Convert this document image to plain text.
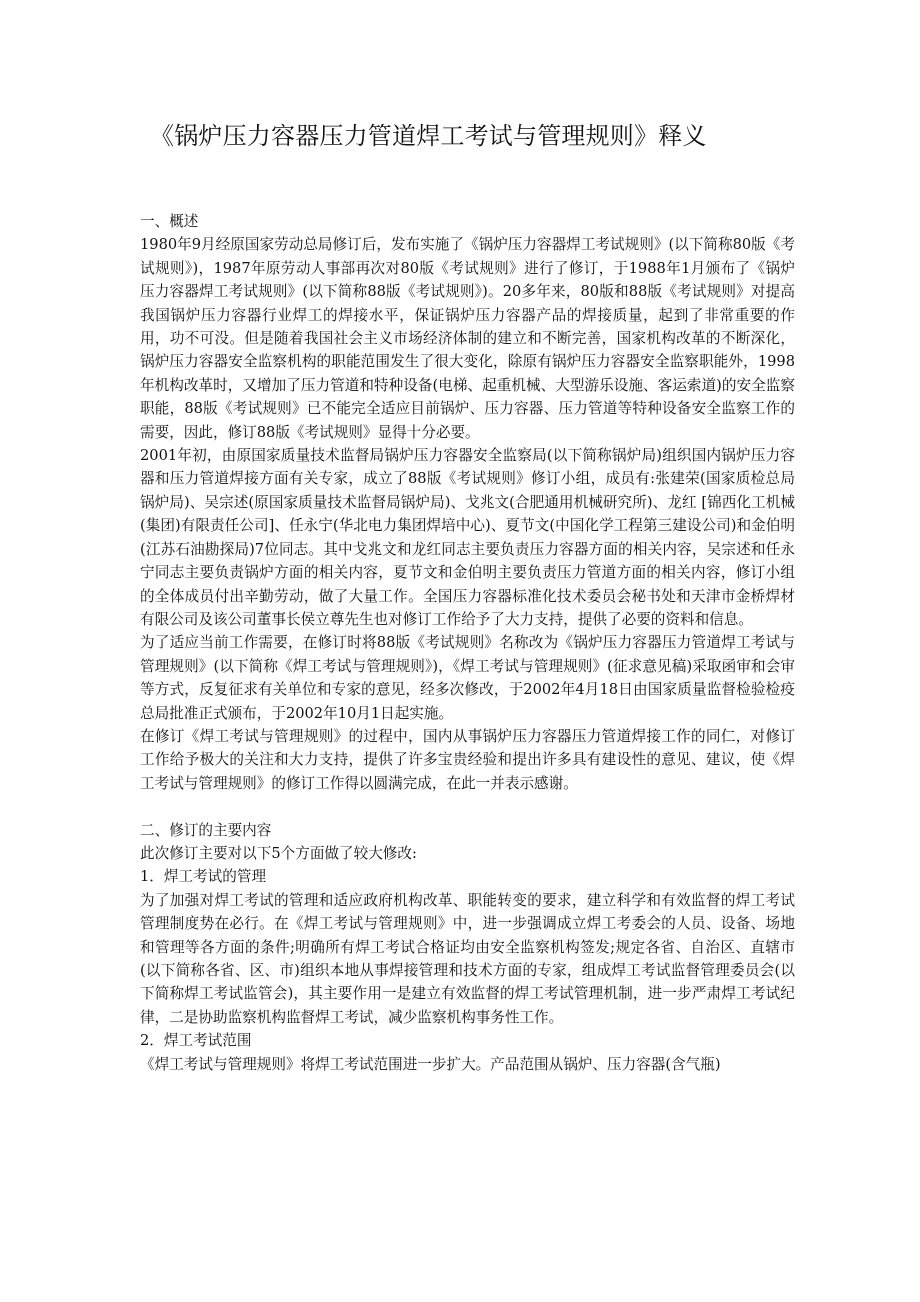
《锅炉压力容器压力管道焊工考试与管理规则》释义
一、概述

1980年9月经原国家劳动总局修订后，发布实施了《锅炉压力容器焊工考试规则》(以下简称80版《考试规则》)，1987年原劳动人事部再次对80版《考试规则》进行了修订，于1988年1月颁布了《锅炉压力容器焊工考试规则》(以下简称88版《考试规则》)。20多年来，80版和88版《考试规则》对提高我国锅炉压力容器行业焊工的焊接水平，保证锅炉压力容器产品的焊接质量，起到了非常重要的作用，功不可没。但是随着我国社会主义市场经济体制的建立和不断完善，国家机构改革的不断深化，锅炉压力容器安全监察机构的职能范围发生了很大变化，除原有锅炉压力容器安全监察职能外，1998年机构改革时，又增加了压力管道和特种设备(电梯、起重机械、大型游乐设施、客运索道)的安全监察职能，88版《考试规则》已不能完全适应目前锅炉、压力容器、压力管道等特种设备安全监察工作的需要，因此，修订88版《考试规则》显得十分必要。

2001年初，由原国家质量技术监督局锅炉压力容器安全监察局(以下简称锅炉局)组织国内锅炉压力容器和压力管道焊接方面有关专家，成立了88版《考试规则》修订小组，成员有:张建荣(国家质检总局锅炉局)、吴宗述(原国家质量技术监督局锅炉局)、戈兆文(合肥通用机械研究所)、龙红 [锦西化工机械(集团)有限责任公司]、任永宁(华北电力集团焊培中心)、夏节文(中国化学工程第三建设公司)和金伯明(江苏石油勘探局)7位同志。其中戈兆文和龙红同志主要负责压力容器方面的相关内容，吴宗述和任永宁同志主要负责锅炉方面的相关内容，夏节文和金伯明主要负责压力管道方面的相关内容，修订小组的全体成员付出辛勤劳动，做了大量工作。全国压力容器标准化技术委员会秘书处和天津市金桥焊材有限公司及该公司董事长侯立尊先生也对修订工作给予了大力支持，提供了必要的资料和信息。

为了适应当前工作需要，在修订时将88版《考试规则》名称改为《锅炉压力容器压力管道焊工考试与管理规则》(以下简称《焊工考试与管理规则》)，《焊工考试与管理规则》(征求意见稿)采取函审和会审等方式，反复征求有关单位和专家的意见，经多次修改，于2002年4月18日由国家质量监督检验检疫总局批准正式颁布，于2002年10月1日起实施。

在修订《焊工考试与管理规则》的过程中，国内从事锅炉压力容器压力管道焊接工作的同仁，对修订工作给予极大的关注和大力支持，提供了许多宝贵经验和提出许多具有建设性的意见、建议，使《焊工考试与管理规则》的修订工作得以圆满完成，在此一并表示感谢。

二、修订的主要内容

此次修订主要对以下5个方面做了较大修改:

1．焊工考试的管理

为了加强对焊工考试的管理和适应政府机构改革、职能转变的要求，建立科学和有效监督的焊工考试管理制度势在必行。在《焊工考试与管理规则》中，进一步强调成立焊工考委会的人员、设备、场地和管理等各方面的条件;明确所有焊工考试合格证均由安全监察机构签发;规定各省、自治区、直辖市(以下简称各省、区、市)组织本地从事焊接管理和技术方面的专家，组成焊工考试监督管理委员会(以下简称焊工考试监管会)，其主要作用一是建立有效监督的焊工考试管理机制，进一步严肃焊工考试纪律，二是协助监察机构监督焊工考试，减少监察机构事务性工作。

2．焊工考试范围

《焊工考试与管理规则》将焊工考试范围进一步扩大。产品范围从锅炉、压力容器(含气瓶)
